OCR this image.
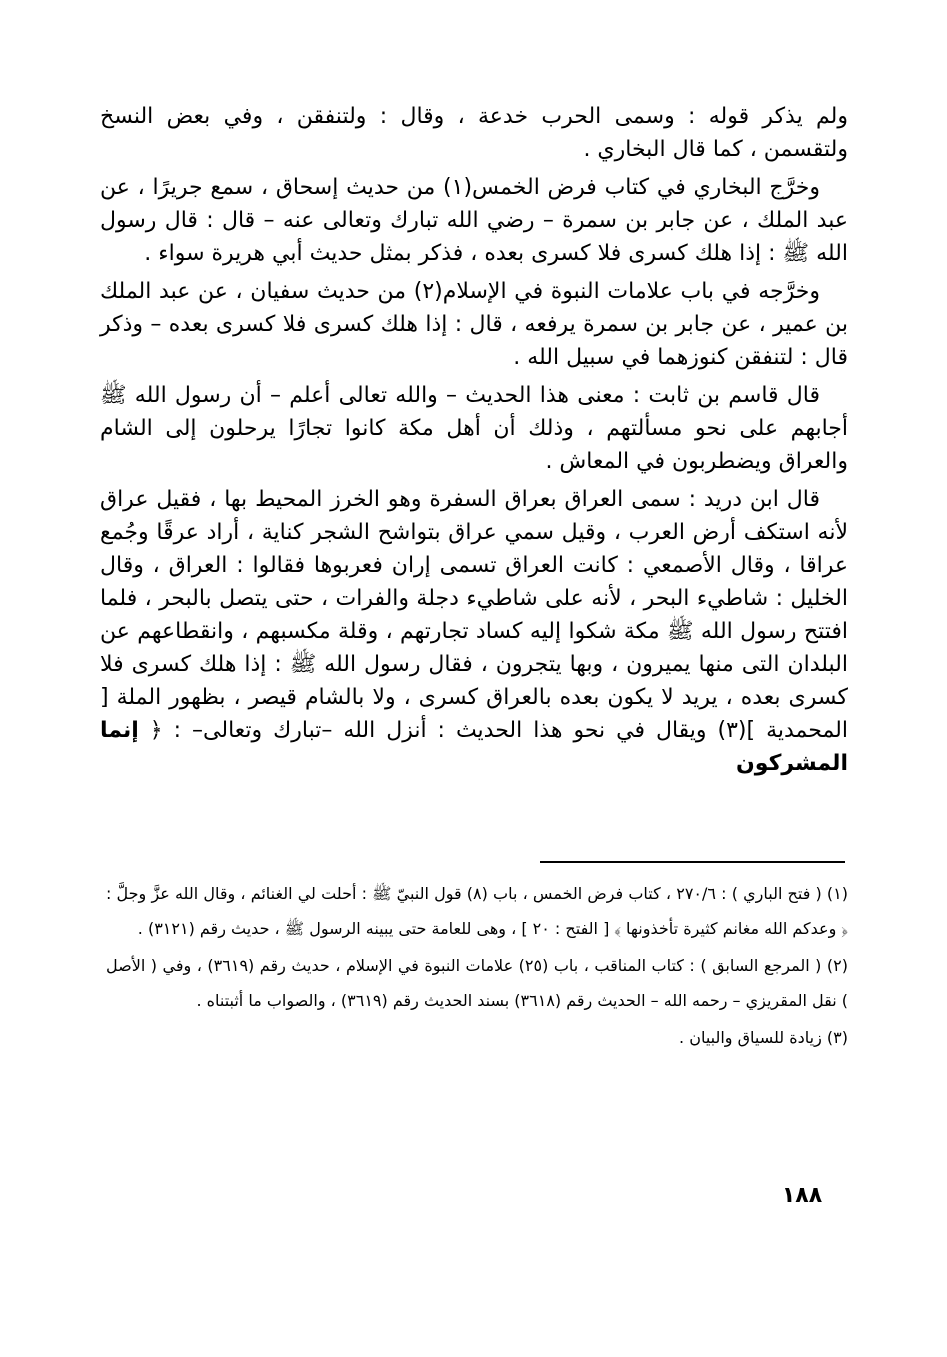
ولم يذكر قوله : وسمى الحرب خدعة ، وقال : ولتنفقن ، وفي بعض النسخ ولتقسمن ، كما قال البخاري .

وخرَّج البخاري في كتاب فرض الخمس(١) من حديث إسحاق ، سمع جريرًا ، عن عبد الملك ، عن جابر بن سمرة – رضي الله تبارك وتعالى عنه – قال : قال رسول الله ﷺ : إذا هلك كسرى فلا كسرى بعده ، فذكر بمثل حديث أبي هريرة سواء .

وخرَّجه في باب علامات النبوة في الإسلام(٢) من حديث سفيان ، عن عبد الملك بن عمير ، عن جابر بن سمرة يرفعه ، قال : إذا هلك كسرى فلا كسرى بعده – وذكر قال : لتنفقن كنوزهما في سبيل الله .

قال قاسم بن ثابت : معنى هذا الحديث – والله تعالى أعلم – أن رسول الله ﷺ أجابهم على نحو مسألتهم ، وذلك أن أهل مكة كانوا تجارًا يرحلون إلى الشام والعراق ويضطربون في المعاش .

قال ابن دريد : سمى العراق بعراق السفرة وهو الخرز المحيط بها ، فقيل عراق لأنه استكف أرض العرب ، وقيل سمي عراق بتواشح الشجر كناية ، أراد عرقًا وجُمع عراقا ، وقال الأصمعي : كانت العراق تسمى إران فعربوها فقالوا : العراق ، وقال الخليل : شاطيء البحر ، لأنه على شاطيء دجلة والفرات ، حتى يتصل بالبحر ، فلما افتتح رسول الله ﷺ مكة شكوا إليه كساد تجارتهم ، وقلة مكسبهم ، وانقطاعهم عن البلدان التى منها يميرون ، وبها يتجرون ، فقال رسول الله ﷺ : إذا هلك كسرى فلا كسرى بعده ، يريد لا يكون بعده بالعراق كسرى ، ولا بالشام قيصر ، بظهور الملة [ المحمدية ](٣) ويقال في نحو هذا الحديث : أنزل الله –تبارك وتعالى– : ﴿ إنما المشركون

(١) ( فتح الباري ) : ٢٧٠/٦ ، كتاب فرض الخمس ، باب (٨) قول النبيّ ﷺ : أحلت لي الغنائم ، وقال الله عزَّ وجلَّ : ﴿ وعدكم الله مغانم كثيرة تأخذونها ﴾ [ الفتح : ٢٠ ] ، وهى للعامة حتى يبينه الرسول ﷺ ، حديث رقم (٣١٢١) .

(٢) ( المرجع السابق ) : كتاب المناقب ، باب (٢٥) علامات النبوة في الإسلام ، حديث رقم (٣٦١٩) ، وفي ( الأصل ) نقل المقريزي – رحمه الله – الحديث رقم (٣٦١٨) بسند الحديث رقم (٣٦١٩) ، والصواب ما أثبتناه .

(٣) زيادة للسياق والبيان .

١٨٨
